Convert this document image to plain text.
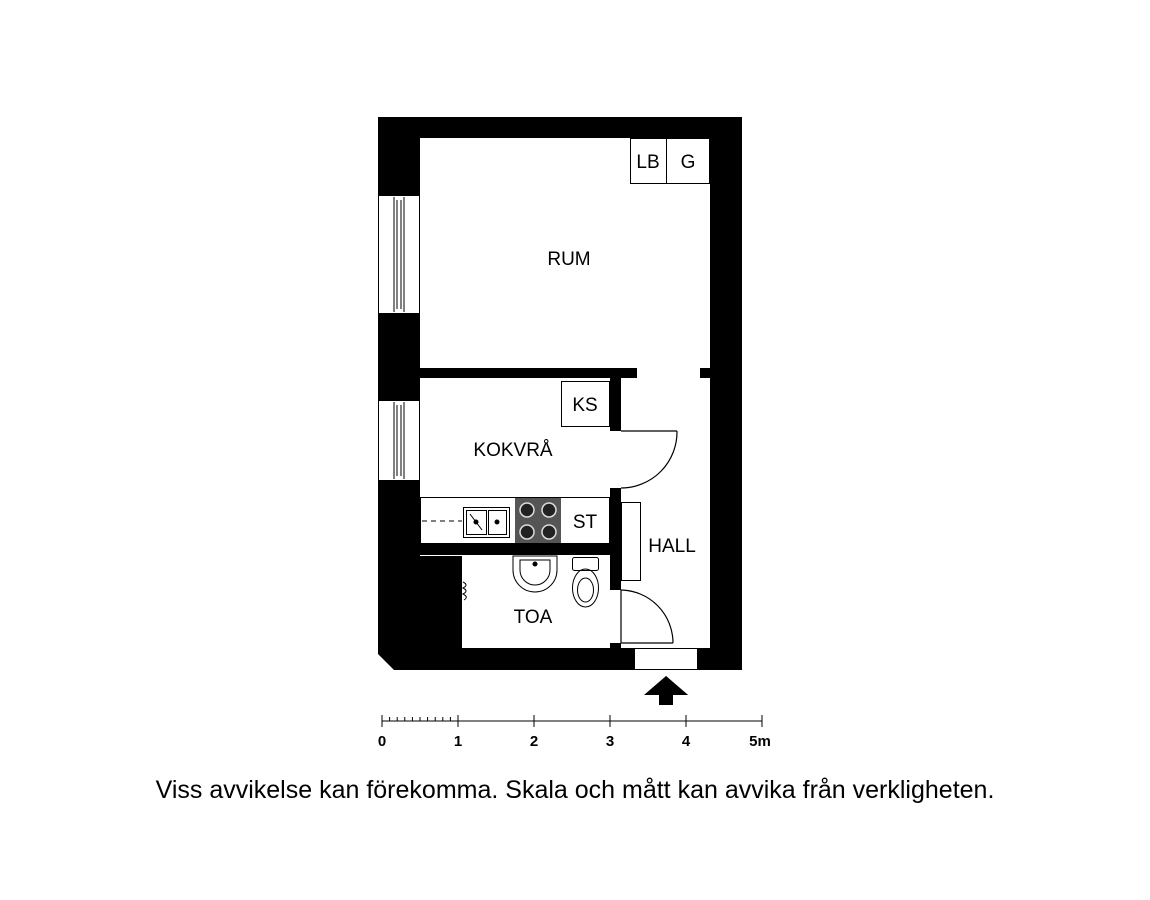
LB G
KS
ST
RUM
KOKVRÅ
HALL
TOA
0	1	2	3	4	5m
Viss avvikelse kan förekomma. Skala och mått kan avvika från verkligheten.
